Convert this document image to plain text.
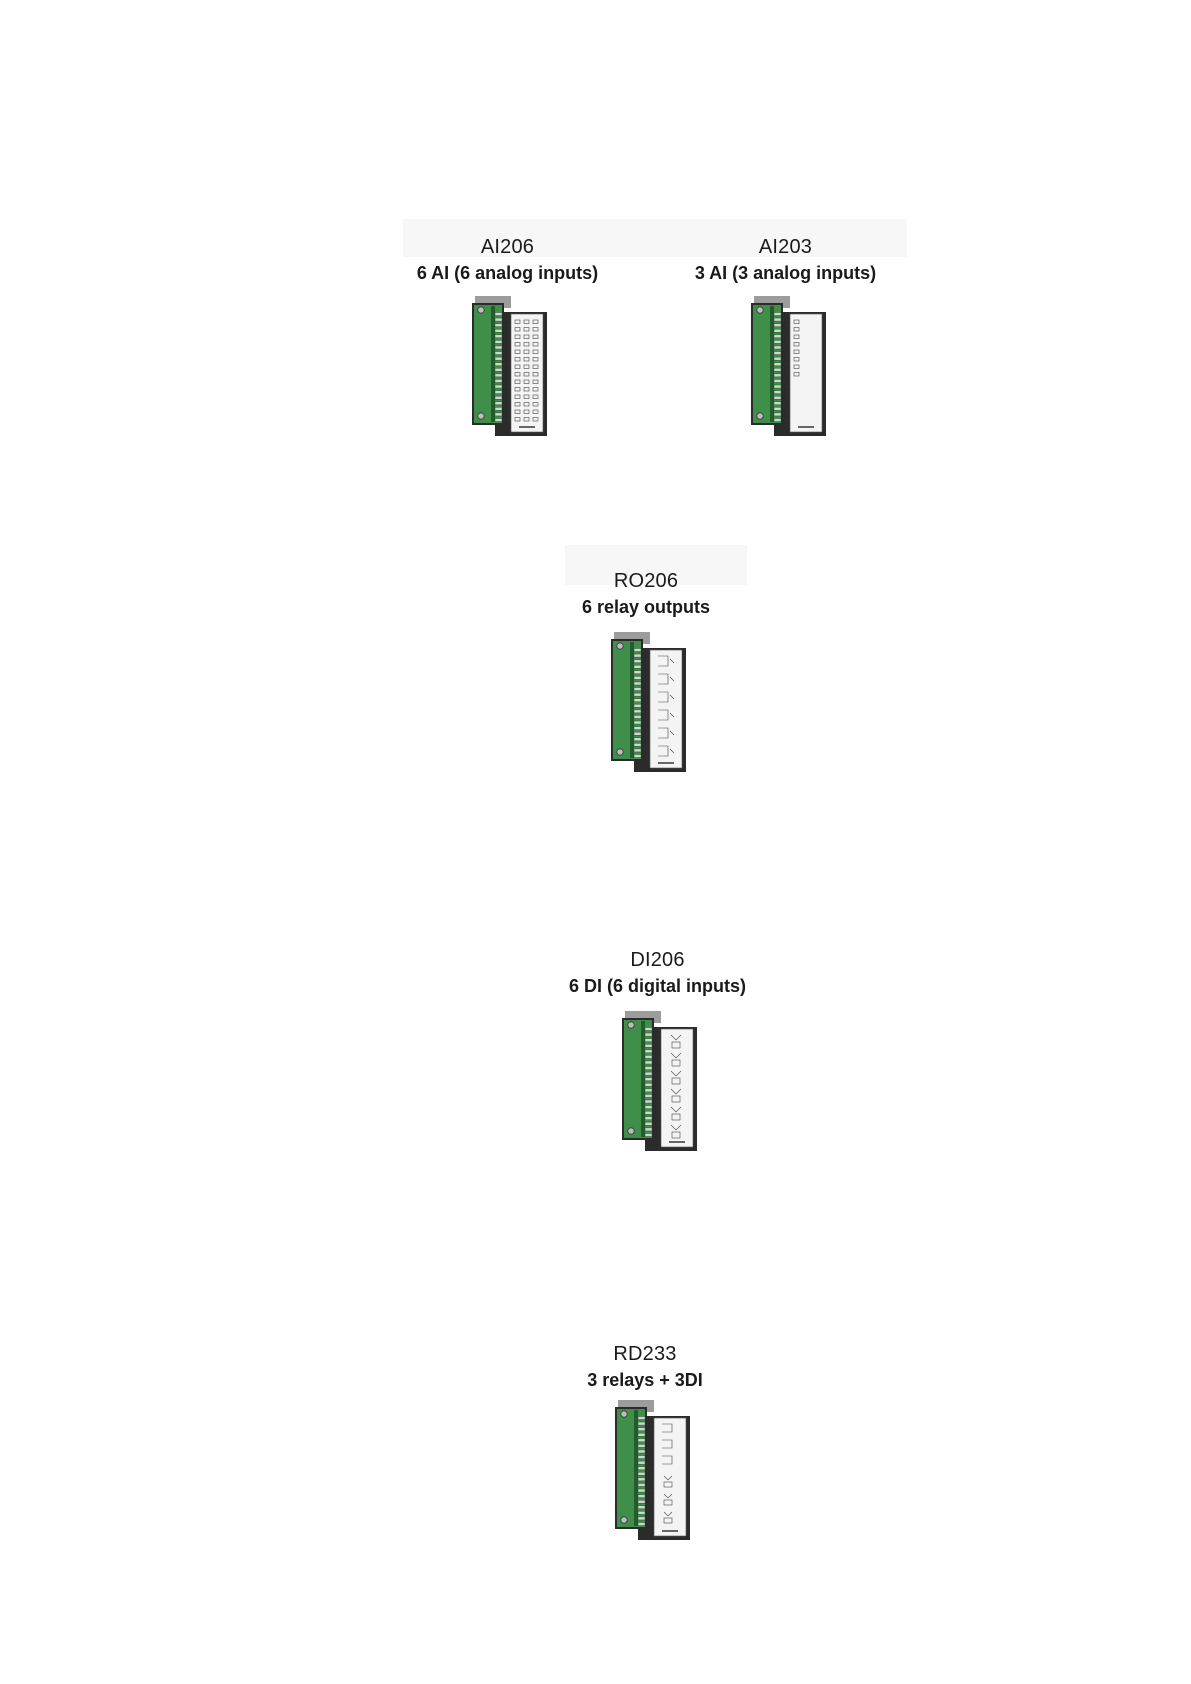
AI206
6 AI (6 analog inputs)
AI203
3 AI (3 analog inputs)
RO206
6 relay outputs
DI206
6 DI (6 digital inputs)
RD233
3 relays + 3DI
